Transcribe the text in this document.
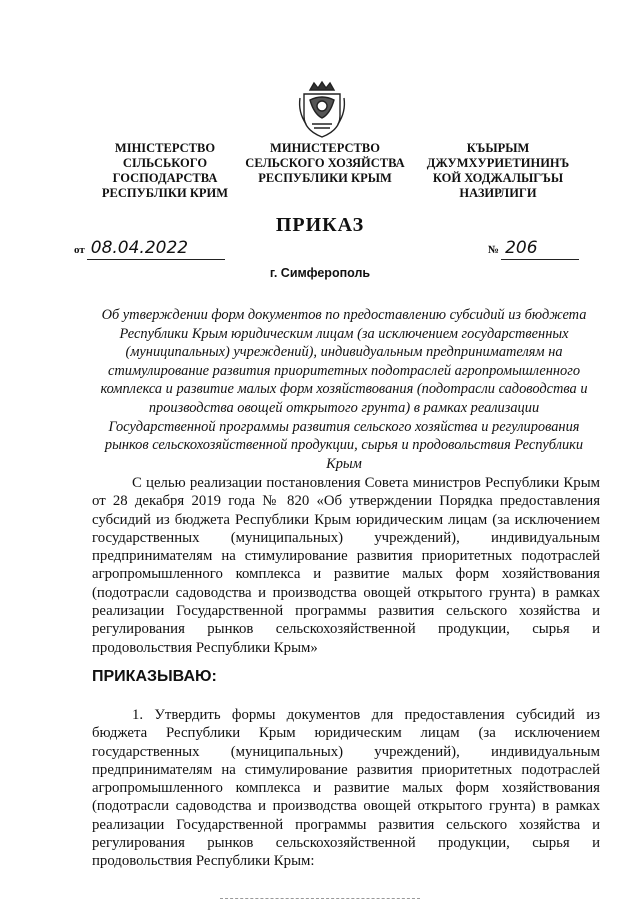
МІНІСТЕРСТВО
СІЛЬСЬКОГО
ГОСПОДАРСТВА
РЕСПУБЛІКИ КРИМ
МИНИСТЕРСТВО
СЕЛЬСКОГО ХОЗЯЙСТВА
РЕСПУБЛИКИ КРЫМ
КЪЫРЫМ
ДЖУМХУРИЕТИНИНЪ
КОЙ ХОДЖАЛЫГЪЫ
НАЗИРЛИГИ
ПРИКАЗ
от 08.04.2022	№ 206
г. Симферополь
Об утверждении форм документов по предоставлению субсидий из бюджета Республики Крым юридическим лицам (за исключением государственных (муниципальных) учреждений), индивидуальным предпринимателям на стимулирование развития приоритетных подотраслей агропромышленного комплекса и развитие малых форм хозяйствования (подотрасли садоводства и производства овощей открытого грунта) в рамках реализации Государственной программы развития сельского хозяйства и регулирования рынков сельскохозяйственной продукции, сырья и продовольствия Республики Крым
С целью реализации постановления Совета министров Республики Крым от 28 декабря 2019 года № 820 «Об утверждении Порядка предоставления субсидий из бюджета Республики Крым юридическим лицам (за исключением государственных (муниципальных) учреждений), индивидуальным предпринимателям на стимулирование развития приоритетных подотраслей агропромышленного комплекса и развитие малых форм хозяйствования (подотрасли садоводства и производства овощей открытого грунта) в рамках реализации Государственной программы развития сельского хозяйства и регулирования рынков сельскохозяйственной продукции, сырья и продовольствия Республики Крым»
ПРИКАЗЫВАЮ:
1. Утвердить формы документов для предоставления субсидий из бюджета Республики Крым юридическим лицам (за исключением государственных (муниципальных) учреждений), индивидуальным предпринимателям на стимулирование развития приоритетных подотраслей агропромышленного комплекса и развитие малых форм хозяйствования (подотрасли садоводства и производства овощей открытого грунта) в рамках реализации Государственной программы развития сельского хозяйства и регулирования рынков сельскохозяйственной продукции, сырья и продовольствия Республики Крым:
